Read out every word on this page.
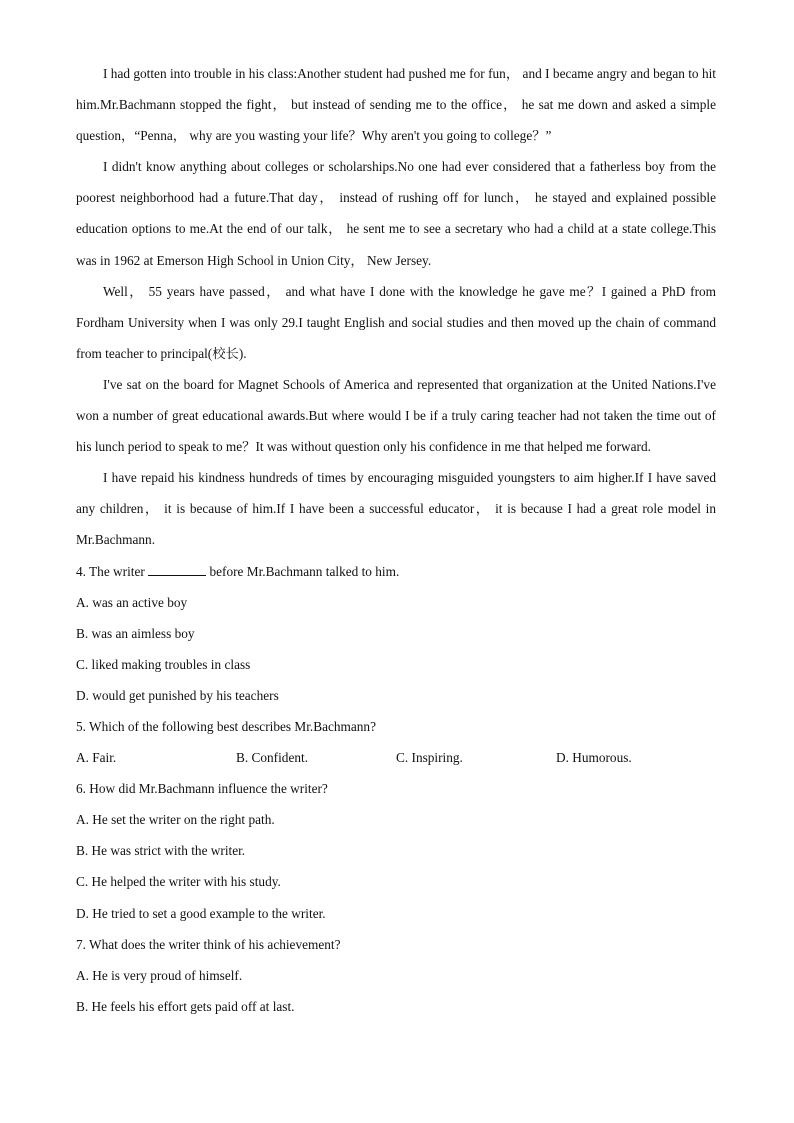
I had gotten into trouble in his class:Another student had pushed me for fun， and I became angry and began to hit him.Mr.Bachmann stopped the fight， but instead of sending me to the office， he sat me down and asked a simple question，“Penna， why are you wasting your life？Why aren't you going to college？”

I didn't know anything about colleges or scholarships.No one had ever considered that a fatherless boy from the poorest neighborhood had a future.That day， instead of rushing off for lunch， he stayed and explained possible education options to me.At the end of our talk， he sent me to see a secretary who had a child at a state college.This was in 1962 at Emerson High School in Union City， New Jersey.

Well， 55 years have passed， and what have I done with the knowledge he gave me？I gained a PhD from Fordham University when I was only 29.I taught English and social studies and then moved up the chain of command from teacher to principal(校长).

I've sat on the board for Magnet Schools of America and represented that organization at the United Nations.I've won a number of great educational awards.But where would I be if a truly caring teacher had not taken the time out of his lunch period to speak to me？It was without question only his confidence in me that helped me forward.

I have repaid his kindness hundreds of times by encouraging misguided youngsters to aim higher.If I have saved any children， it is because of him.If I have been a successful educator， it is because I had a great role model in Mr.Bachmann.

4. The writer	before Mr.Bachmann talked to him.

A. was an active boy

B. was an aimless boy

C. liked making troubles in class

D. would get punished by his teachers

5. Which of the following best describes Mr.Bachmann?

A. Fair.	B. Confident.	C. Inspiring.	D. Humorous.

6. How did Mr.Bachmann influence the writer?

A. He set the writer on the right path.

B. He was strict with the writer.

C. He helped the writer with his study.

D. He tried to set a good example to the writer.

7. What does the writer think of his achievement?

A. He is very proud of himself.

B. He feels his effort gets paid off at last.
